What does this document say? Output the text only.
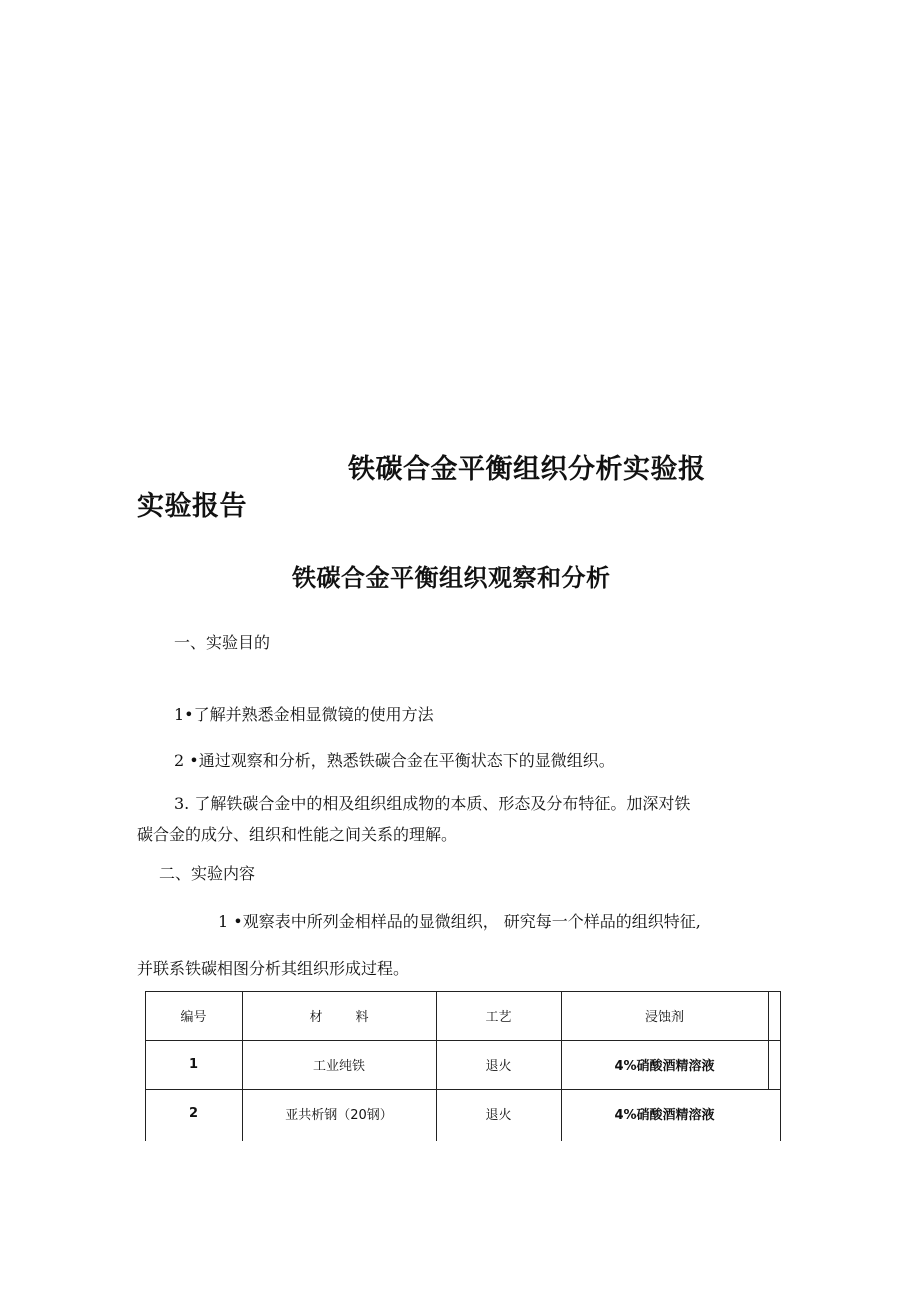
铁碳合金平衡组织分析实验报
实验报告
铁碳合金平衡组织观察和分析
一、实验目的
1•了解并熟悉金相显微镜的使用方法
2 •通过观察和分析，熟悉铁碳合金在平衡状态下的显微组织。
3. 了解铁碳合金中的相及组织组成物的本质、形态及分布特征。加深对铁
碳合金的成分、组织和性能之间关系的理解。
二、实验内容
1 •观察表中所列金相样品的显微组织， 研究每一个样品的组织特征,
并联系铁碳相图分析其组织形成过程。
编号	材        料	工艺	浸蚀剂
1	工业纯铁	退火	4%硝酸酒精溶液
2	亚共析钢（20钢）	退火	4%硝酸酒精溶液
